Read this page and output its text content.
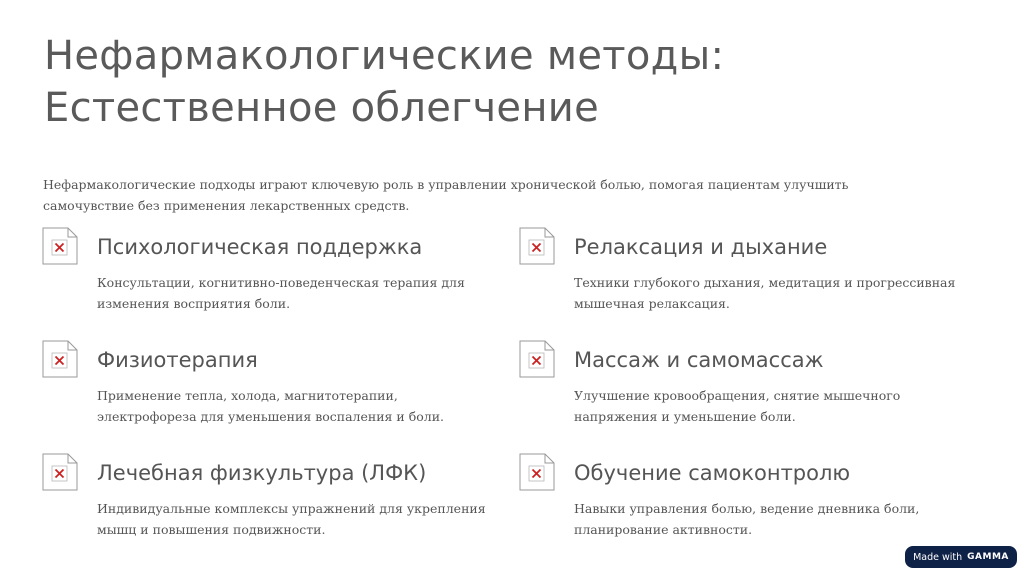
Нефармакологические методы:
Естественное облегчение

Нефармакологические подходы играют ключевую роль в управлении хронической болью, помогая пациентам улучшить самочувствие без применения лекарственных средств.

Психологическая поддержка

Консультации, когнитивно-поведенческая терапия для изменения восприятия боли.

Релаксация и дыхание

Техники глубокого дыхания, медитация и прогрессивная мышечная релаксация.

Физиотерапия

Применение тепла, холода, магнитотерапии, электрофореза для уменьшения воспаления и боли.

Массаж и самомассаж

Улучшение кровообращения, снятие мышечного напряжения и уменьшение боли.

Лечебная физкультура (ЛФК)

Индивидуальные комплексы упражнений для укрепления мышц и повышения подвижности.

Обучение самоконтролю

Навыки управления болью, ведение дневника боли, планирование активности.

Made with GAMMA
